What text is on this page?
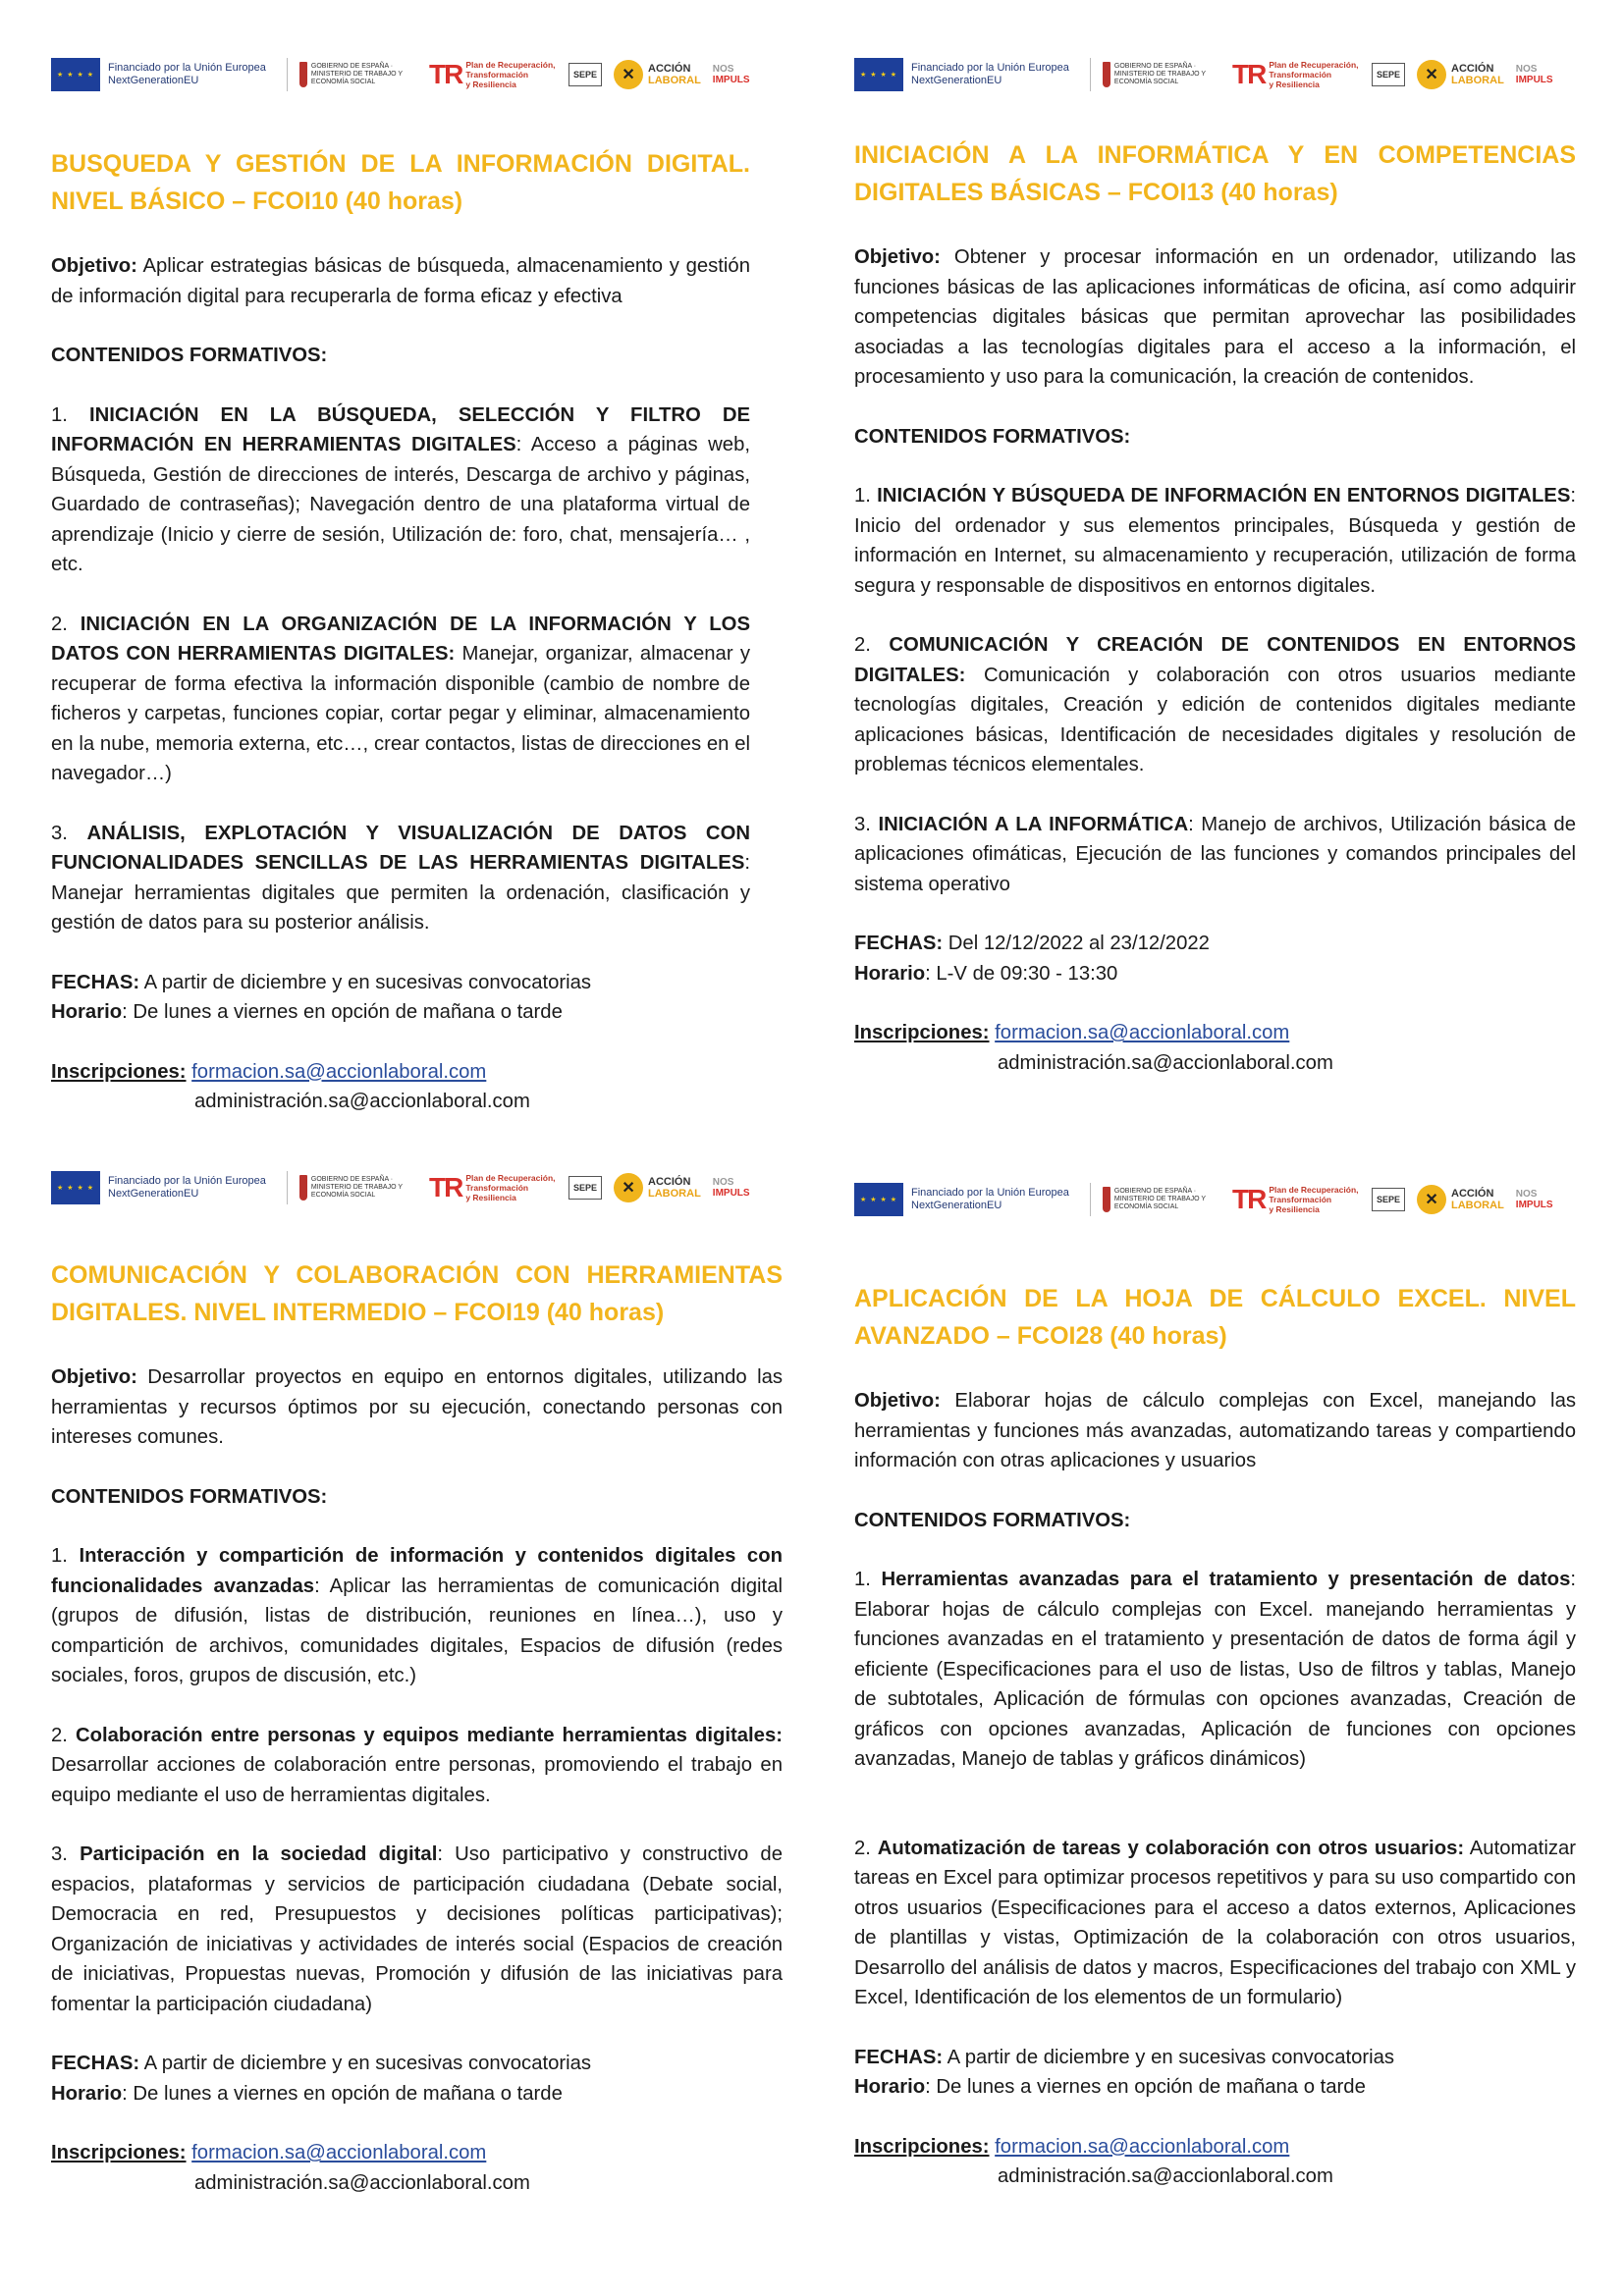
★ ★ ★ ★
Financiado por la Unión Europea
NextGenerationEU
GOBIERNO DE ESPAÑA · MINISTERIO DE TRABAJO Y ECONOMÍA SOCIAL	TR Plan de Recuperación,
Transformación
y Resiliencia
SEPE ✕	ACCIÓN
LABORAL
NOS
IMPULS
BUSQUEDA Y GESTIÓN DE LA INFORMACIÓN DIGITAL. NIVEL BÁSICO – FCOI10 (40 horas)

Objetivo: Aplicar estrategias básicas de búsqueda, almacenamiento y gestión de información digital para recuperarla de forma eficaz y efectiva

CONTENIDOS FORMATIVOS:

1. INICIACIÓN EN LA BÚSQUEDA, SELECCIÓN Y FILTRO DE INFORMACIÓN EN HERRAMIENTAS DIGITALES: Acceso a páginas web, Búsqueda, Gestión de direcciones de interés, Descarga de archivo y páginas, Guardado de contraseñas); Navegación dentro de una plataforma virtual de aprendizaje (Inicio y cierre de sesión, Utilización de: foro, chat, mensajería… , etc.

2. INICIACIÓN EN LA ORGANIZACIÓN DE LA INFORMACIÓN Y LOS DATOS CON HERRAMIENTAS DIGITALES: Manejar, organizar, almacenar y recuperar de forma efectiva la información disponible (cambio de nombre de ficheros y carpetas, funciones copiar, cortar pegar y eliminar, almacenamiento en la nube, memoria externa, etc…, crear contactos, listas de direcciones en el navegador…)

3. ANÁLISIS, EXPLOTACIÓN Y VISUALIZACIÓN DE DATOS CON FUNCIONALIDADES SENCILLAS DE LAS HERRAMIENTAS DIGITALES: Manejar herramientas digitales que permiten la ordenación, clasificación y gestión de datos para su posterior análisis.

FECHAS: A partir de diciembre y en sucesivas convocatorias
Horario: De lunes a viernes en opción de mañana o tarde

Inscripciones: formacion.sa@accionlaboral.com

administración.sa@accionlaboral.com

★ ★ ★ ★
Financiado por la Unión Europea
NextGenerationEU
GOBIERNO DE ESPAÑA · MINISTERIO DE TRABAJO Y ECONOMÍA SOCIAL	TR Plan de Recuperación,
Transformación
y Resiliencia
SEPE ✕	ACCIÓN
LABORAL
NOS
IMPULS
INICIACIÓN A LA INFORMÁTICA Y EN COMPETENCIAS DIGITALES BÁSICAS – FCOI13 (40 horas)

Objetivo: Obtener y procesar información en un ordenador, utilizando las funciones básicas de las aplicaciones informáticas de oficina, así como adquirir competencias digitales básicas que permitan aprovechar las posibilidades asociadas a las tecnologías digitales para el acceso a la información, el procesamiento y uso para la comunicación, la creación de contenidos.

CONTENIDOS FORMATIVOS:

1. INICIACIÓN Y BÚSQUEDA DE INFORMACIÓN EN ENTORNOS DIGITALES: Inicio del ordenador y sus elementos principales, Búsqueda y gestión de información en Internet, su almacenamiento y recuperación, utilización de forma segura y responsable de dispositivos en entornos digitales.

2. COMUNICACIÓN Y CREACIÓN DE CONTENIDOS EN ENTORNOS DIGITALES: Comunicación y colaboración con otros usuarios mediante tecnologías digitales, Creación y edición de contenidos digitales mediante aplicaciones básicas, Identificación de necesidades digitales y resolución de problemas técnicos elementales.

3. INICIACIÓN A LA INFORMÁTICA: Manejo de archivos, Utilización básica de aplicaciones ofimáticas, Ejecución de las funciones y comandos principales del sistema operativo

FECHAS: Del 12/12/2022 al 23/12/2022
Horario: L-V de 09:30 - 13:30

Inscripciones: formacion.sa@accionlaboral.com

administración.sa@accionlaboral.com

★ ★ ★ ★
Financiado por la Unión Europea
NextGenerationEU
GOBIERNO DE ESPAÑA · MINISTERIO DE TRABAJO Y ECONOMÍA SOCIAL	TR Plan de Recuperación,
Transformación
y Resiliencia
SEPE ✕	ACCIÓN
LABORAL
NOS
IMPULS
COMUNICACIÓN Y COLABORACIÓN CON HERRAMIENTAS DIGITALES. NIVEL INTERMEDIO – FCOI19 (40 horas)

Objetivo: Desarrollar proyectos en equipo en entornos digitales, utilizando las herramientas y recursos óptimos por su ejecución, conectando personas con intereses comunes.

CONTENIDOS FORMATIVOS:

1. Interacción y compartición de información y contenidos digitales con funcionalidades avanzadas: Aplicar las herramientas de comunicación digital (grupos de difusión, listas de distribución, reuniones en línea…), uso y compartición de archivos, comunidades digitales, Espacios de difusión (redes sociales, foros, grupos de discusión, etc.)

2. Colaboración entre personas y equipos mediante herramientas digitales: Desarrollar acciones de colaboración entre personas, promoviendo el trabajo en equipo mediante el uso de herramientas digitales.

3. Participación en la sociedad digital: Uso participativo y constructivo de espacios, plataformas y servicios de participación ciudadana (Debate social, Democracia en red, Presupuestos y decisiones políticas participativas); Organización de iniciativas y actividades de interés social (Espacios de creación de iniciativas, Propuestas nuevas, Promoción y difusión de las iniciativas para fomentar la participación ciudadana)

FECHAS: A partir de diciembre y en sucesivas convocatorias
Horario: De lunes a viernes en opción de mañana o tarde

Inscripciones: formacion.sa@accionlaboral.com

administración.sa@accionlaboral.com

★ ★ ★ ★
Financiado por la Unión Europea
NextGenerationEU
GOBIERNO DE ESPAÑA · MINISTERIO DE TRABAJO Y ECONOMÍA SOCIAL	TR Plan de Recuperación,
Transformación
y Resiliencia
SEPE ✕	ACCIÓN
LABORAL
NOS
IMPULS
APLICACIÓN DE LA HOJA DE CÁLCULO EXCEL. NIVEL AVANZADO – FCOI28 (40 horas)

Objetivo: Elaborar hojas de cálculo complejas con Excel, manejando las herramientas y funciones más avanzadas, automatizando tareas y compartiendo información con otras aplicaciones y usuarios

CONTENIDOS FORMATIVOS:

1. Herramientas avanzadas para el tratamiento y presentación de datos: Elaborar hojas de cálculo complejas con Excel. manejando herramientas y funciones avanzadas en el tratamiento y presentación de datos de forma ágil y eficiente (Especificaciones para el uso de listas, Uso de filtros y tablas, Manejo de subtotales, Aplicación de fórmulas con opciones avanzadas, Creación de gráficos con opciones avanzadas, Aplicación de funciones con opciones avanzadas, Manejo de tablas y gráficos dinámicos)

2. Automatización de tareas y colaboración con otros usuarios: Automatizar tareas en Excel para optimizar procesos repetitivos y para su uso compartido con otros usuarios (Especificaciones para el acceso a datos externos, Aplicaciones de plantillas y vistas, Optimización de la colaboración con otros usuarios, Desarrollo del análisis de datos y macros, Especificaciones del trabajo con XML y Excel, Identificación de los elementos de un formulario)

FECHAS: A partir de diciembre y en sucesivas convocatorias
Horario: De lunes a viernes en opción de mañana o tarde

Inscripciones: formacion.sa@accionlaboral.com

administración.sa@accionlaboral.com
